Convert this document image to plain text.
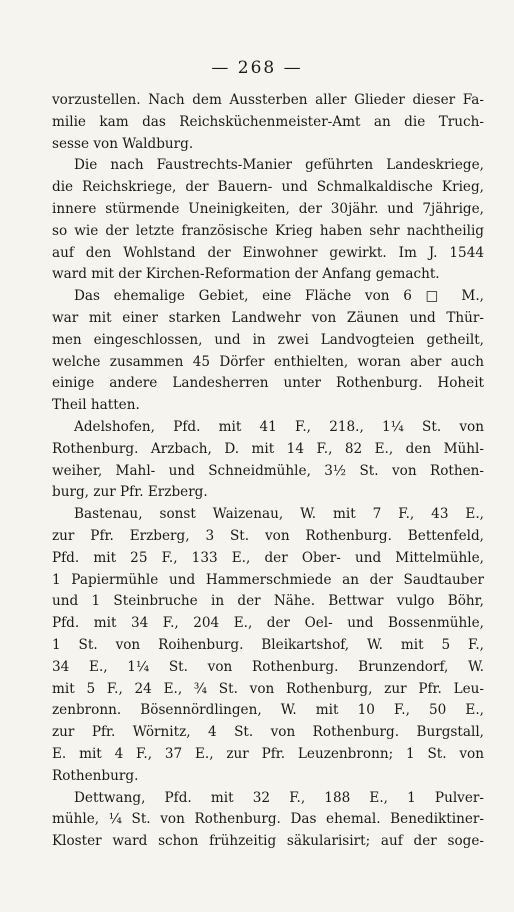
— 268 —
vorzustellen. Nach dem Aussterben aller Glieder dieser Fa-
milie kam das Reichsküchenmeister-Amt an die Truch-
sesse von Waldburg.
Die nach Faustrechts-Manier geführten Landeskriege,
die Reichskriege, der Bauern- und Schmalkaldische Krieg,
innere stürmende Uneinigkeiten, der 30jähr. und 7jährige,
so wie der letzte französische Krieg haben sehr nachtheilig
auf den Wohlstand der Einwohner gewirkt. Im J. 1544
ward mit der Kirchen-Reformation der Anfang gemacht.
Das ehemalige Gebiet, eine Fläche von 6 □ M.,
war mit einer starken Landwehr von Zäunen und Thür-
men eingeschlossen, und in zwei Landvogteien getheilt,
welche zusammen 45 Dörfer enthielten, woran aber auch
einige andere Landesherren unter Rothenburg. Hoheit
Theil hatten.
Adelshofen, Pfd. mit 41 F., 218., 1¼ St. von
Rothenburg. Arzbach, D. mit 14 F., 82 E., den Mühl-
weiher, Mahl- und Schneidmühle, 3½ St. von Rothen-
burg, zur Pfr. Erzberg.
Bastenau, sonst Waizenau, W. mit 7 F., 43 E.,
zur Pfr. Erzberg, 3 St. von Rothenburg. Bettenfeld,
Pfd. mit 25 F., 133 E., der Ober- und Mittelmühle,
1 Papiermühle und Hammerschmiede an der Saudtauber
und 1 Steinbruche in der Nähe. Bettwar vulgo Böhr,
Pfd. mit 34 F., 204 E., der Oel- und Bossenmühle,
1 St. von Roihenburg. Bleikartshof, W. mit 5 F.,
34 E., 1¼ St. von Rothenburg. Brunzendorf, W.
mit 5 F., 24 E., ¾ St. von Rothenburg, zur Pfr. Leu-
zenbronn. Bösennördlingen, W. mit 10 F., 50 E.,
zur Pfr. Wörnitz, 4 St. von Rothenburg. Burgstall,
E. mit 4 F., 37 E., zur Pfr. Leuzenbronn; 1 St. von
Rothenburg.
Dettwang, Pfd. mit 32 F., 188 E., 1 Pulver-
mühle, ¼ St. von Rothenburg. Das ehemal. Benediktiner-
Kloster ward schon frühzeitig säkularisirt; auf der soge-
